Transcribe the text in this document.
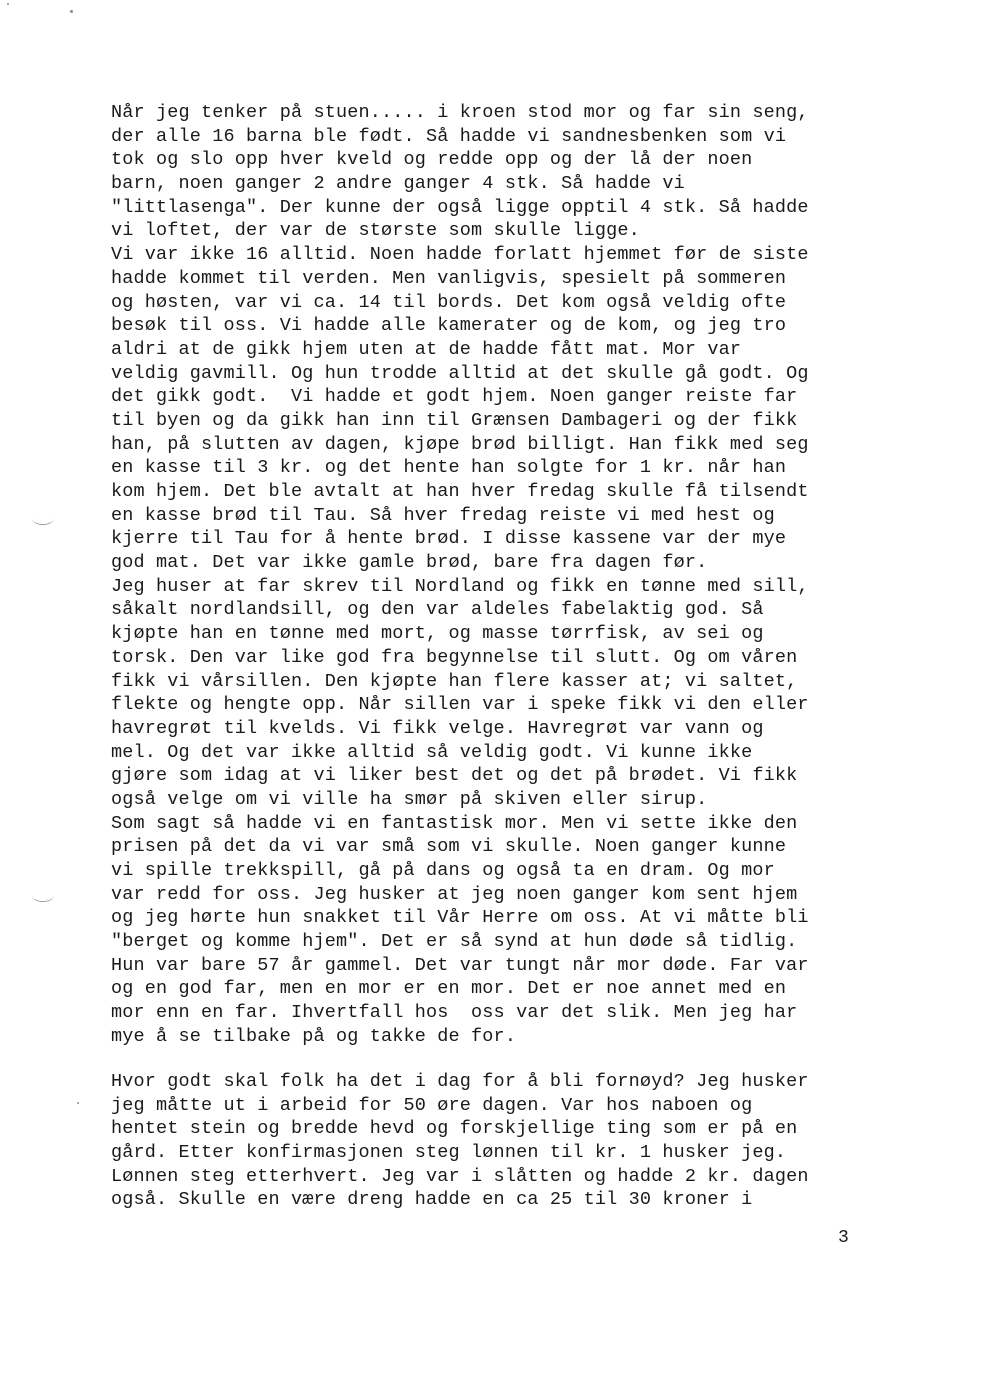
Når jeg tenker på stuen..... i kroen stod mor og far sin seng,
der alle 16 barna ble født. Så hadde vi sandnesbenken som vi
tok og slo opp hver kveld og redde opp og der lå der noen
barn, noen ganger 2 andre ganger 4 stk. Så hadde vi
"littlasenga". Der kunne der også ligge opptil 4 stk. Så hadde
vi loftet, der var de største som skulle ligge.
Vi var ikke 16 alltid. Noen hadde forlatt hjemmet før de siste
hadde kommet til verden. Men vanligvis, spesielt på sommeren
og høsten, var vi ca. 14 til bords. Det kom også veldig ofte
besøk til oss. Vi hadde alle kamerater og de kom, og jeg tro
aldri at de gikk hjem uten at de hadde fått mat. Mor var
veldig gavmill. Og hun trodde alltid at det skulle gå godt. Og
det gikk godt.  Vi hadde et godt hjem. Noen ganger reiste far
til byen og da gikk han inn til Grænsen Dambageri og der fikk
han, på slutten av dagen, kjøpe brød billigt. Han fikk med seg
en kasse til 3 kr. og det hente han solgte for 1 kr. når han
kom hjem. Det ble avtalt at han hver fredag skulle få tilsendt
en kasse brød til Tau. Så hver fredag reiste vi med hest og
kjerre til Tau for å hente brød. I disse kassene var der mye
god mat. Det var ikke gamle brød, bare fra dagen før.
Jeg huser at far skrev til Nordland og fikk en tønne med sill,
såkalt nordlandsill, og den var aldeles fabelaktig god. Så
kjøpte han en tønne med mort, og masse tørrfisk, av sei og
torsk. Den var like god fra begynnelse til slutt. Og om våren
fikk vi vårsillen. Den kjøpte han flere kasser at; vi saltet,
flekte og hengte opp. Når sillen var i speke fikk vi den eller
havregrøt til kvelds. Vi fikk velge. Havregrøt var vann og
mel. Og det var ikke alltid så veldig godt. Vi kunne ikke
gjøre som idag at vi liker best det og det på brødet. Vi fikk
også velge om vi ville ha smør på skiven eller sirup.
Som sagt så hadde vi en fantastisk mor. Men vi sette ikke den
prisen på det da vi var små som vi skulle. Noen ganger kunne
vi spille trekkspill, gå på dans og også ta en dram. Og mor
var redd for oss. Jeg husker at jeg noen ganger kom sent hjem
og jeg hørte hun snakket til Vår Herre om oss. At vi måtte bli
"berget og komme hjem". Det er så synd at hun døde så tidlig.
Hun var bare 57 år gammel. Det var tungt når mor døde. Far var
og en god far, men en mor er en mor. Det er noe annet med en
mor enn en far. Ihvertfall hos  oss var det slik. Men jeg har
mye å se tilbake på og takke de for.
Hvor godt skal folk ha det i dag for å bli fornøyd? Jeg husker
jeg måtte ut i arbeid for 50 øre dagen. Var hos naboen og
hentet stein og bredde hevd og forskjellige ting som er på en
gård. Etter konfirmasjonen steg lønnen til kr. 1 husker jeg.
Lønnen steg etterhvert. Jeg var i slåtten og hadde 2 kr. dagen
også. Skulle en være dreng hadde en ca 25 til 30 kroner i
3
